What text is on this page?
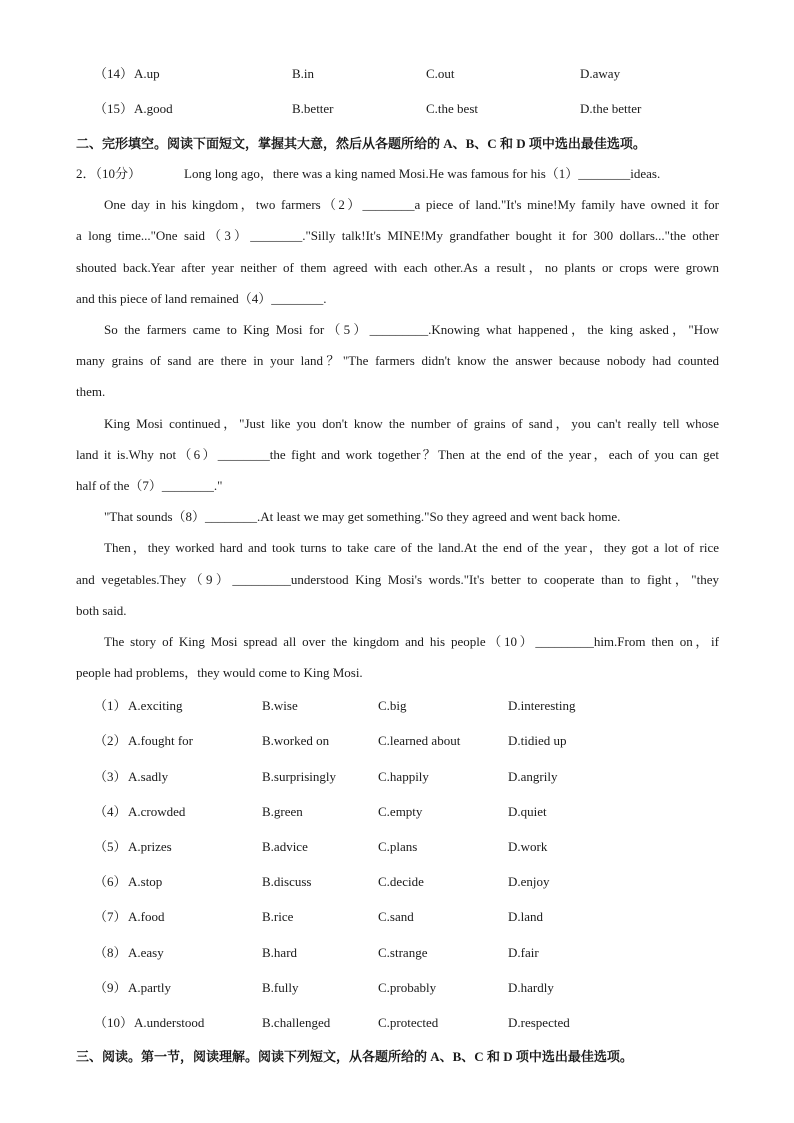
（14） A.up	B.in	C.out	D.away
（15） A.good	B.better	C.the best	D.the better
二、完形填空。阅读下面短文，掌握其大意，然后从各题所给的 A、B、C 和 D 项中选出最佳选项。
2．（10分）	Long long ago，there was a king named Mosi.He was famous for his（1）________ideas.
One day in his kingdom，two farmers（2）________a piece of land."It's mine!My family have owned it for
a long time..."One said（3）________."Silly talk!It's MINE!My grandfather bought it for 300 dollars..."the other
shouted back.Year after year neither of them agreed with each other.As a result，no plants or crops were grown
and this piece of land remained（4）________.
So the farmers came to King Mosi for（5）_________.Knowing what happened，the king asked，"How
many grains of sand are there in your land？"The farmers didn't know the answer because nobody had counted
them.
King Mosi continued，"Just like you don't know the number of grains of sand，you can't really tell whose
land it is.Why not（6）________the fight and work together？Then at the end of the year，each of you can get
half of the（7）________."
"That sounds（8）________.At least we may get something."So they agreed and went back home.
Then，they worked hard and took turns to take care of the land.At the end of the year，they got a lot of rice
and vegetables.They（9）_________understood King Mosi's words."It's better to cooperate than to fight，"they
both said.
The story of King Mosi spread all over the kingdom and his people（10）_________him.From then on，if
people had problems，they would come to King Mosi.
（1） A.exciting	B.wise	C.big	D.interesting
（2） A.fought for	B.worked on	C.learned about	D.tidied up
（3） A.sadly	B.surprisingly	C.happily	D.angrily
（4） A.crowded	B.green	C.empty	D.quiet
（5） A.prizes	B.advice	C.plans	D.work
（6） A.stop	B.discuss	C.decide	D.enjoy
（7） A.food	B.rice	C.sand	D.land
（8） A.easy	B.hard	C.strange	D.fair
（9） A.partly	B.fully	C.probably	D.hardly
（10） A.understood	B.challenged	C.protected	D.respected
三、阅读。第一节，阅读理解。阅读下列短文，从各题所给的 A、B、C 和 D 项中选出最佳选项。
